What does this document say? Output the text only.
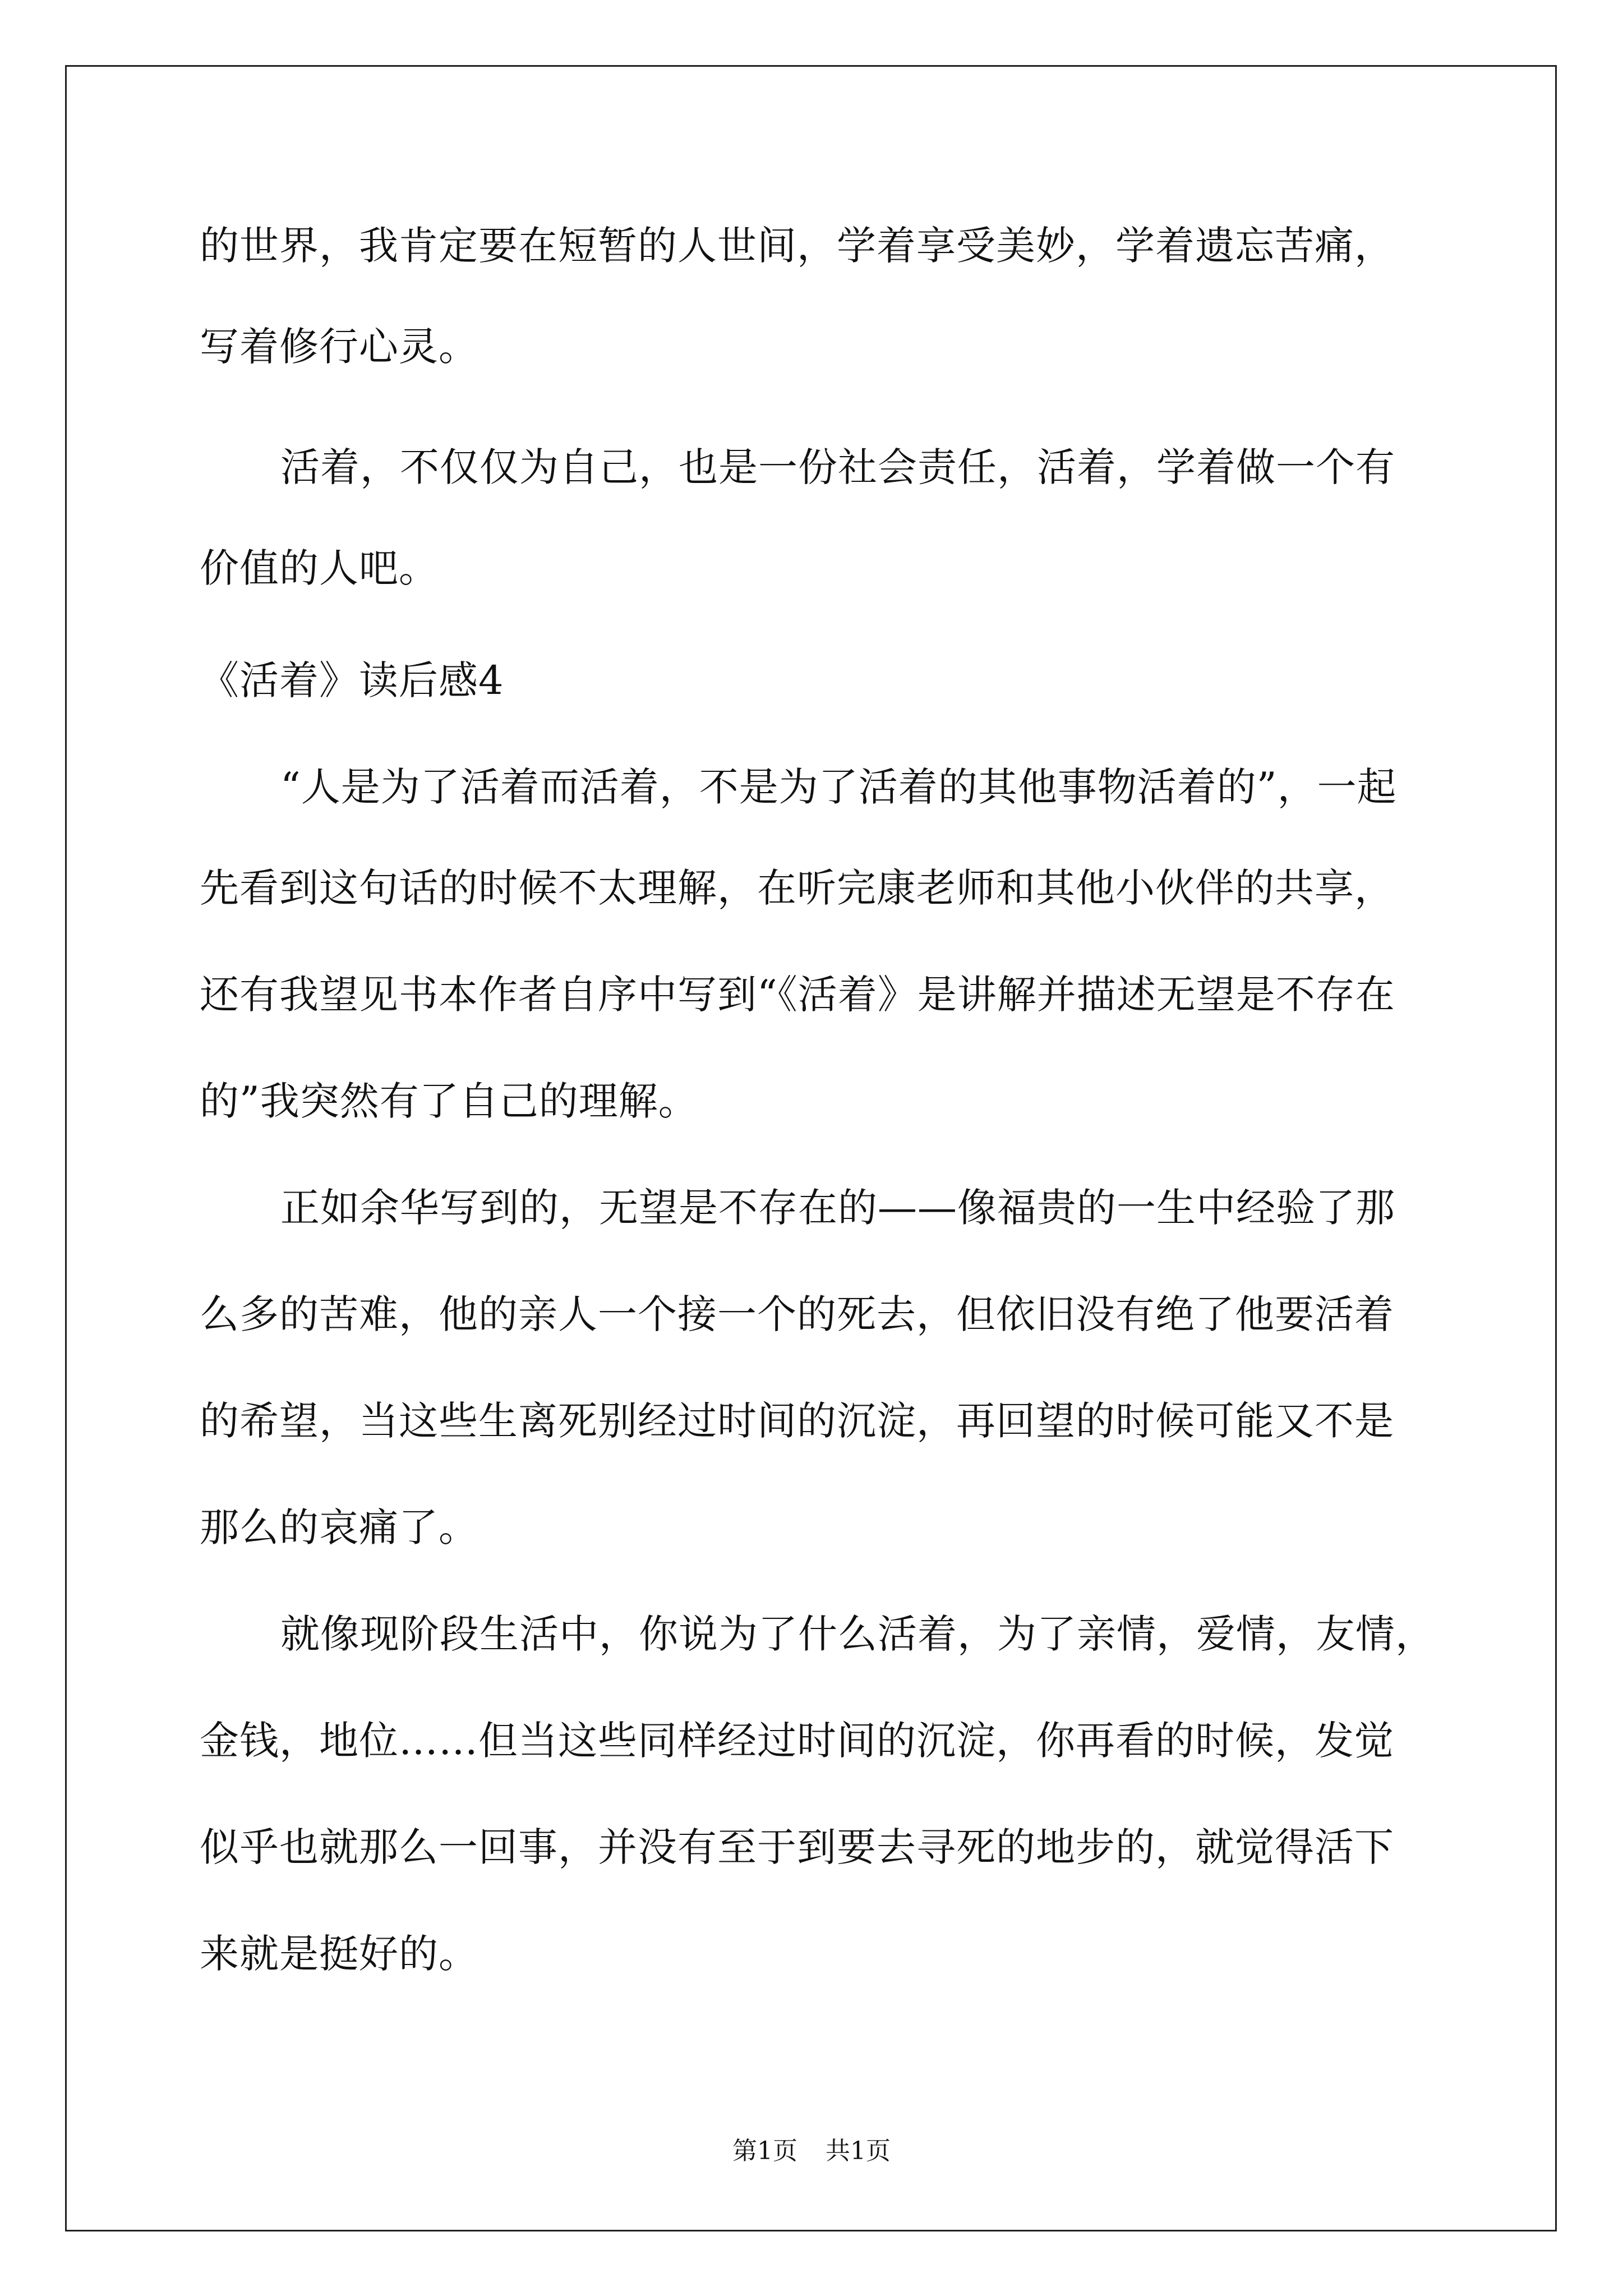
的世界，我肯定要在短暂的人世间，学着享受美妙，学着遗忘苦痛，
写着修行心灵。
活着，不仅仅为自己，也是一份社会责任，活着，学着做一个有
价值的人吧。
《活着》读后感4
“人是为了活着而活着，不是为了活着的其他事物活着的”，一起
先看到这句话的时候不太理解，在听完康老师和其他小伙伴的共享，
还有我望见书本作者自序中写到“《活着》是讲解并描述无望是不存在
的”我突然有了自己的理解。
正如余华写到的，无望是不存在的——像福贵的一生中经验了那
么多的苦难，他的亲人一个接一个的死去，但依旧没有绝了他要活着
的希望，当这些生离死别经过时间的沉淀，再回望的时候可能又不是
那么的哀痛了。
就像现阶段生活中，你说为了什么活着，为了亲情，爱情，友情，
金钱，地位……但当这些同样经过时间的沉淀，你再看的时候，发觉
似乎也就那么一回事，并没有至于到要去寻死的地步的，就觉得活下
来就是挺好的。
第1页 共1页
